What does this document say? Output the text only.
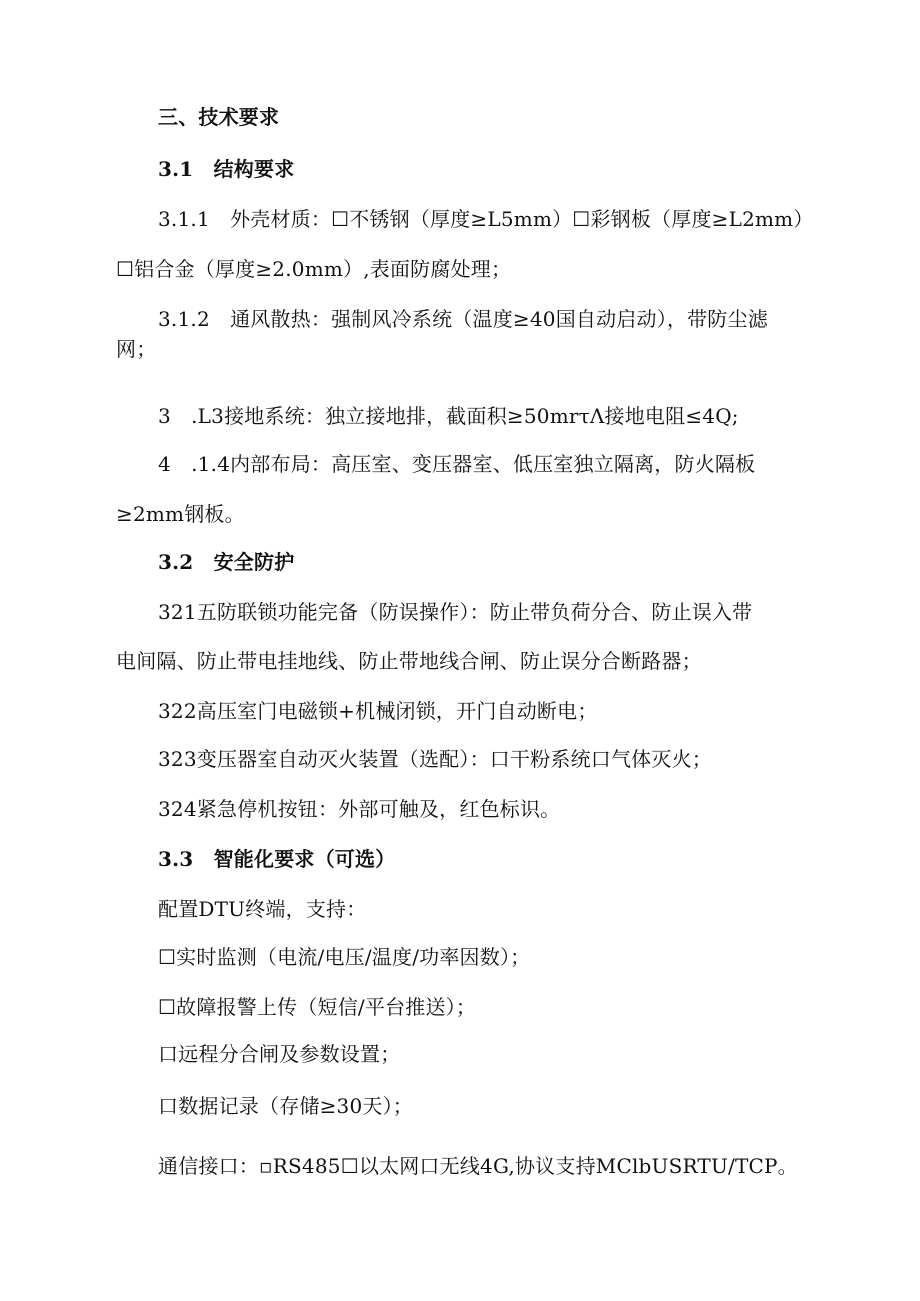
三、技术要求
3.1　结构要求
3.1.1　外壳材质：☐不锈钢（厚度≥L5mm）☐彩钢板（厚度≥L2mm）
☐铝合金（厚度≥2.0mm）,表面防腐处理；
3.1.2　通风散热：强制风冷系统（温度≥40国自动启动），带防尘滤
网；
3　.L3接地系统：独立接地排，截面积≥50mrτΛ接地电阻≤4Q;
4　.1.4内部布局：高压室、变压器室、低压室独立隔离，防火隔板
≥2mm钢板。
3.2　安全防护
321五防联锁功能完备（防误操作）：防止带负荷分合、防止误入带
电间隔、防止带电挂地线、防止带地线合闸、防止误分合断路器；
322高压室门电磁锁+机械闭锁，开门自动断电；
323变压器室自动灭火装置（选配）：口干粉系统口气体灭火；
324紧急停机按钮：外部可触及，红色标识。
3.3　智能化要求（可选）
配置DTU终端，支持：
☐实时监测（电流/电压/温度/功率因数）；
☐故障报警上传（短信/平台推送）；
口远程分合闸及参数设置；
口数据记录（存储≥30天）；
通信接口：▫RS485☐以太网口无线4G,协议支持MClbUSRTU/TCP。
